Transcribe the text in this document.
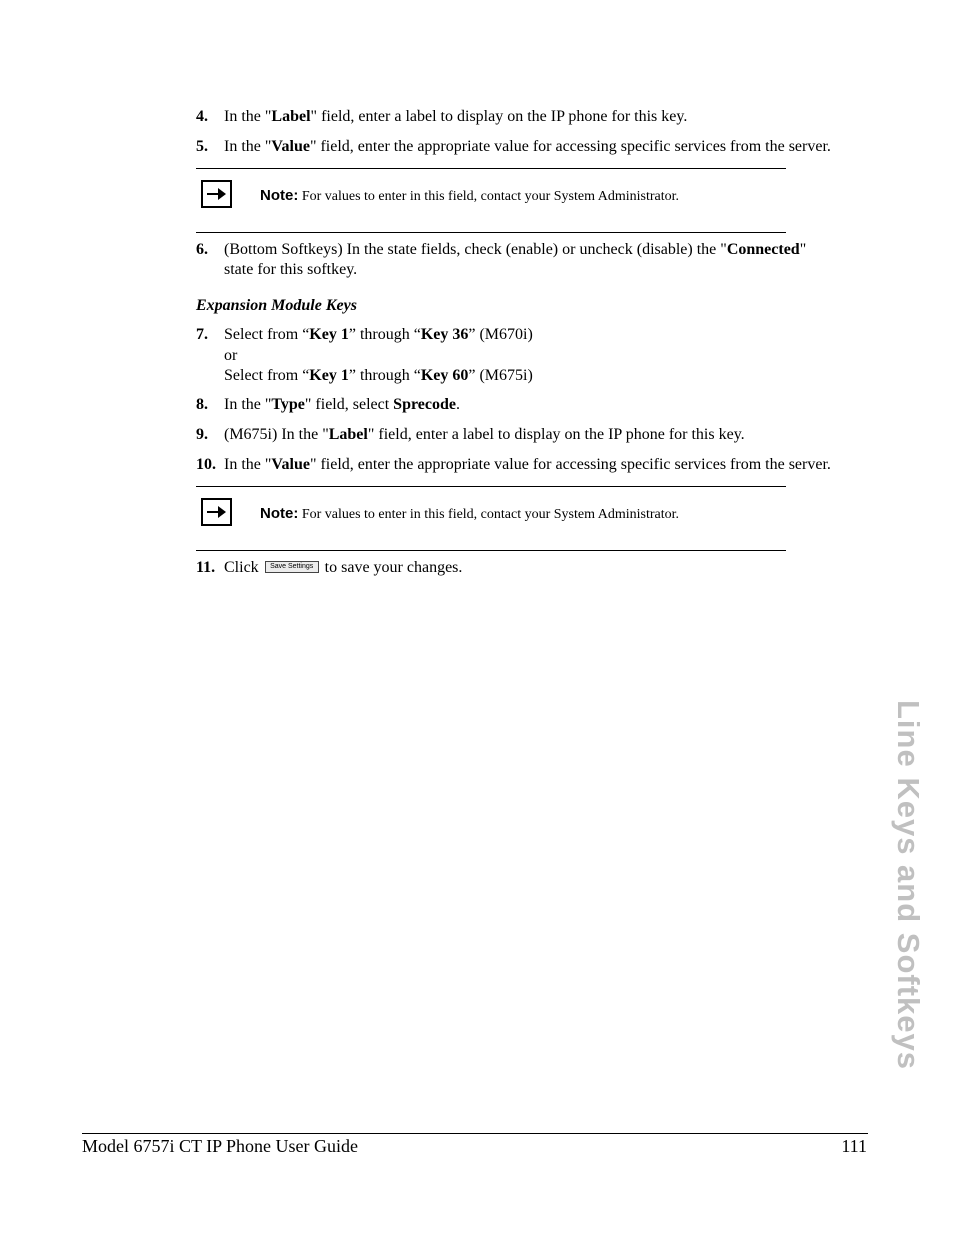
4. In the "Label" field, enter a label to display on the IP phone for this key.
5. In the "Value" field, enter the appropriate value for accessing specific services from the server.
Note: For values to enter in this field, contact your System Administrator.
6. (Bottom Softkeys) In the state fields, check (enable) or uncheck (disable) the "Connected"
state for this softkey.
Expansion Module Keys
7. Select from “Key 1” through “Key 36” (M670i)
or
Select from “Key 1” through “Key 60” (M675i)
8. In the "Type" field, select Sprecode.
9. (M675i) In the "Label" field, enter a label to display on the IP phone for this key.
10. In the "Value" field, enter the appropriate value for accessing specific services from the server.
Note: For values to enter in this field, contact your System Administrator.
11. Click Save Settings to save your changes.
Line Keys and Softkeys
Model 6757i CT IP Phone User Guide	111
